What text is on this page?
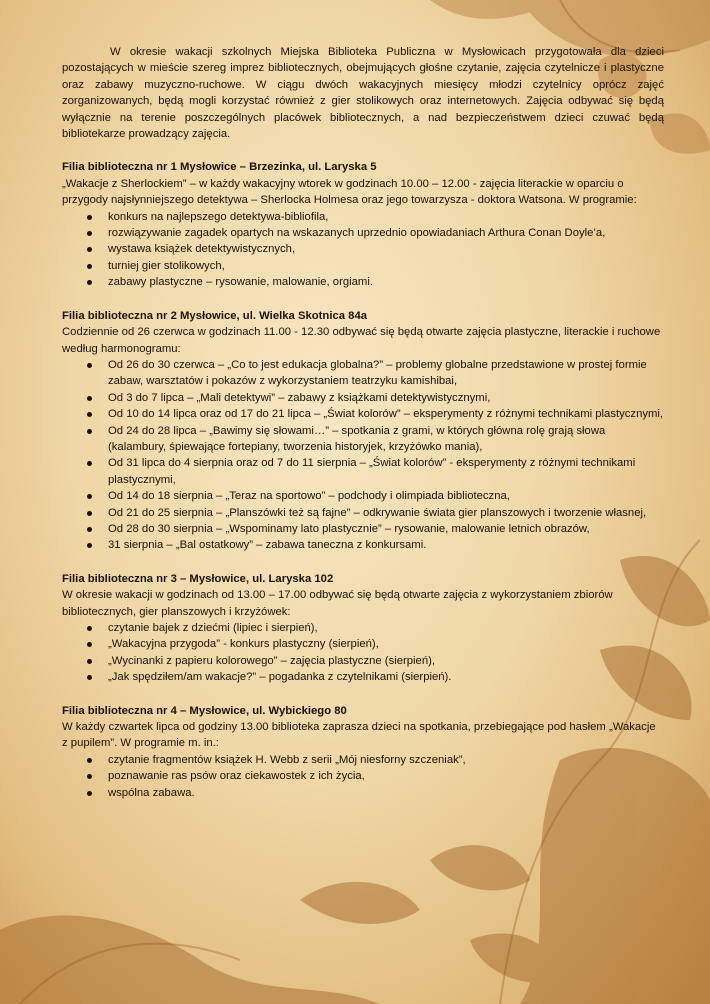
W okresie wakacji szkolnych Miejska Biblioteka Publiczna w Mysłowicach przygotowała dla dzieci pozostających w mieście szereg imprez bibliotecznych, obejmujących głośne czytanie, zajęcia czytelnicze i plastyczne oraz zabawy muzyczno-ruchowe. W ciągu dwóch wakacyjnych miesięcy młodzi czytelnicy oprócz zajęć zorganizowanych, będą mogli korzystać również z gier stolikowych oraz internetowych. Zajęcia odbywać się będą wyłącznie na terenie poszczególnych placówek bibliotecznych, a nad bezpieczeństwem dzieci czuwać będą bibliotekarze prowadzący zajęcia.

Filia biblioteczna nr 1 Mysłowice – Brzezinka, ul. Laryska 5

„Wakacje z Sherlockiem” – w każdy wakacyjny wtorek w godzinach 10.00 – 12.00 - zajęcia literackie w oparciu o przygody najsłynniejszego detektywa – Sherlocka Holmesa oraz jego towarzysza - doktora Watsona. W programie:

konkurs na najlepszego detektywa-bibliofila,
rozwiązywanie zagadek opartych na wskazanych uprzednio opowiadaniach Arthura Conan Doyle’a,
wystawa książek detektywistycznych,
turniej gier stolikowych,
zabawy plastyczne – rysowanie, malowanie, orgiami.

Filia biblioteczna nr 2 Mysłowice, ul. Wielka Skotnica 84a

Codziennie od 26 czerwca w godzinach 11.00 - 12.30 odbywać się będą otwarte zajęcia plastyczne, literackie i ruchowe według harmonogramu:

Od 26 do 30 czerwca – „Co to jest edukacja globalna?” – problemy globalne przedstawione w prostej formie zabaw, warsztatów i pokazów z wykorzystaniem teatrzyku kamishibai,
Od 3 do 7 lipca – „Mali detektywi” – zabawy z książkami detektywistycznymi,
Od 10 do 14 lipca oraz od 17 do 21 lipca – „Świat kolorów” – eksperymenty z różnymi technikami plastycznymi,
Od 24 do 28 lipca – „Bawimy się słowami…” – spotkania z grami, w których główna rolę grają słowa (kalambury, śpiewające fortepiany, tworzenia historyjek, krzyżówko mania),
Od 31 lipca do 4 sierpnia oraz od 7 do 11 sierpnia – „Świat kolorów” - eksperymenty z różnymi technikami plastycznymi,
Od 14 do 18 sierpnia – „Teraz na sportowo” – podchody i olimpiada biblioteczna,
Od 21 do 25 sierpnia – „Planszówki też są fajne” – odkrywanie świata gier planszowych i tworzenie własnej,
Od 28 do 30 sierpnia – „Wspominamy lato plastycznie” – rysowanie, malowanie letnich obrazów,
31 sierpnia – „Bal ostatkowy” – zabawa taneczna z konkursami.

Filia biblioteczna nr 3 – Mysłowice, ul. Laryska 102

W okresie wakacji w godzinach od 13.00 – 17.00 odbywać się będą otwarte zajęcia z wykorzystaniem zbiorów bibliotecznych, gier planszowych i krzyżówek:

czytanie bajek z dziećmi (lipiec i sierpień),
„Wakacyjna przygoda” - konkurs plastyczny (sierpień),
„Wycinanki z papieru kolorowego” – zajęcia plastyczne (sierpień),
„Jak spędziłem/am wakacje?” – pogadanka z czytelnikami (sierpień).

Filia biblioteczna nr 4 – Mysłowice, ul. Wybickiego 80

W każdy czwartek lipca od godziny 13.00 biblioteka zaprasza dzieci na spotkania, przebiegające pod hasłem „Wakacje z pupilem”. W programie m. in.:

czytanie fragmentów książek H. Webb z serii „Mój niesforny szczeniak”,
poznawanie ras psów oraz ciekawostek z ich życia,
wspólna zabawa.
